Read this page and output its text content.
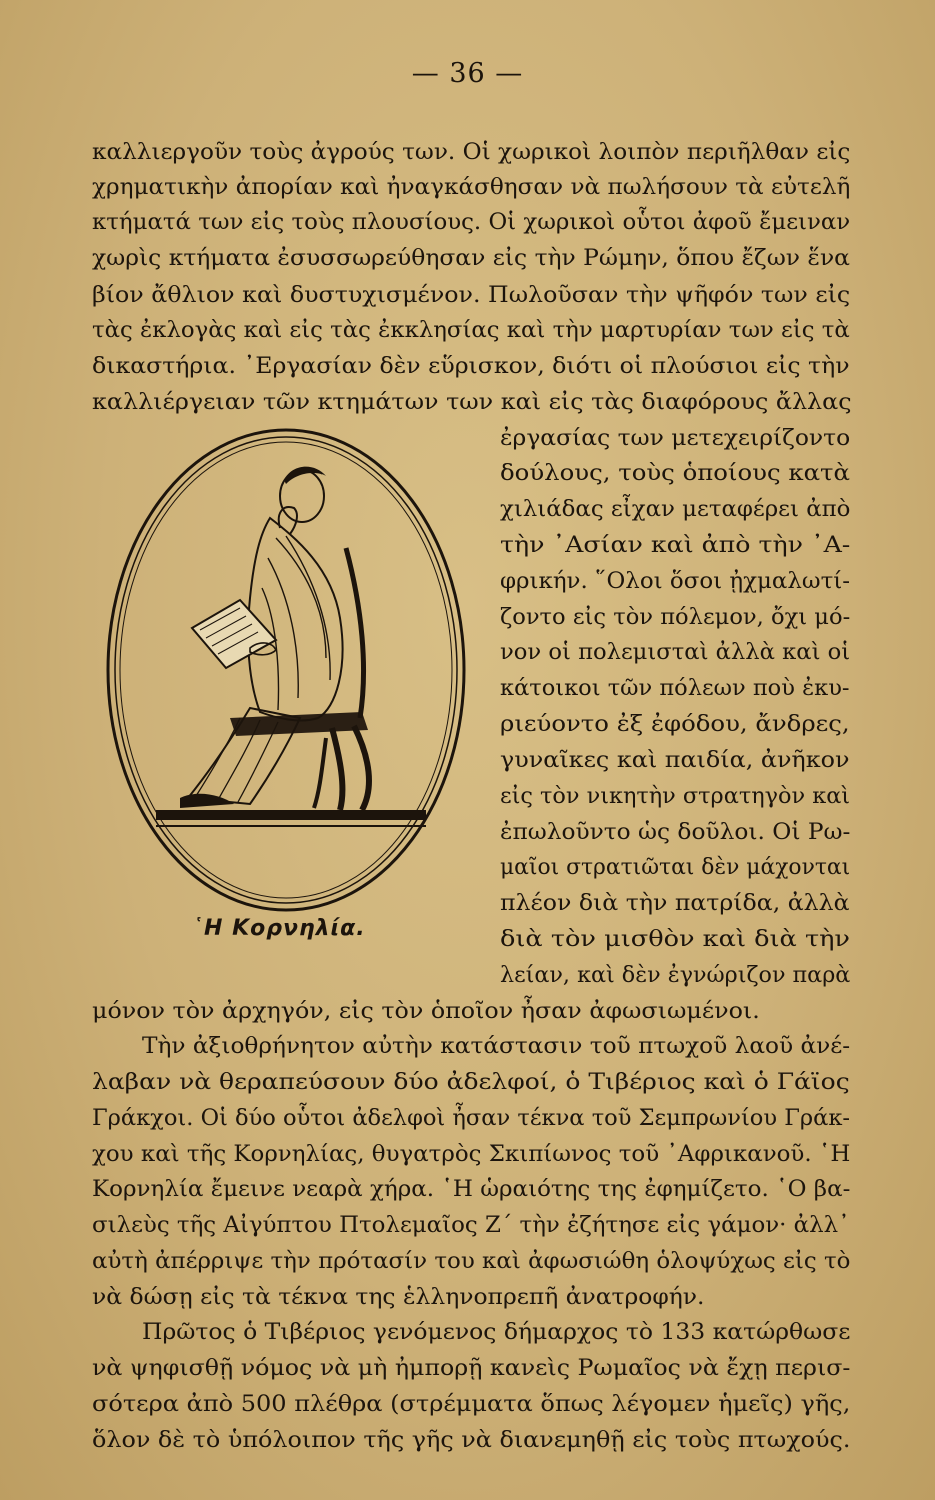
— 36 —
καλλιεργοῦν τοὺς ἀγρούς των. Οἱ χωρικοὶ λοιπὸν περιῆλθαν εἰς
χρηματικὴν ἀπορίαν καὶ ἠναγκάσθησαν νὰ πωλήσουν τὰ εὐτελῆ
κτήματά των εἰς τοὺς πλουσίους. Οἱ χωρικοὶ οὗτοι ἀφοῦ ἔμειναν
χωρὶς κτήματα ἐσυσσωρεύθησαν εἰς τὴν Ρώμην, ὅπου ἔζων ἕνα
βίον ἄθλιον καὶ δυστυχισμένον. Πωλοῦσαν τὴν ψῆφόν των εἰς
τὰς ἐκλογὰς καὶ εἰς τὰς ἐκκλησίας καὶ τὴν μαρτυρίαν των εἰς τὰ
δικαστήρια. ᾿Εργασίαν δὲν εὕρισκον, διότι οἱ πλούσιοι εἰς τὴν
καλλιέργειαν τῶν κτημάτων των καὶ εἰς τὰς διαφόρους ἄλλας
ἐργασίας των μετεχειρίζοντο
δούλους, τοὺς ὁποίους κατὰ
χιλιάδας εἶχαν μεταφέρει ἀπὸ
τὴν ᾿Ασίαν καὶ ἀπὸ τὴν ᾿Α-
φρικήν. ῞Ολοι ὅσοι ᾐχμαλωτί-
ζοντο εἰς τὸν πόλεμον, ὄχι μό-
νον οἱ πολεμισταὶ ἀλλὰ καὶ οἱ
κάτοικοι τῶν πόλεων ποὺ ἐκυ-
ριεύοντο ἐξ ἐφόδου, ἄνδρες,
γυναῖκες καὶ παιδία, ἀνῆκον
εἰς τὸν νικητὴν στρατηγὸν καὶ
ἐπωλοῦντο ὡς δοῦλοι. Οἱ Ρω-
μαῖοι στρατιῶται δὲν μάχονται
πλέον διὰ τὴν πατρίδα, ἀλλὰ
διὰ τὸν μισθὸν καὶ διὰ τὴν
λείαν, καὶ δὲν ἐγνώριζον παρὰ
μόνον τὸν ἀρχηγόν, εἰς τὸν ὁποῖον ἦσαν ἀφωσιωμένοι.
Τὴν ἀξιοθρήνητον αὐτὴν κατάστασιν τοῦ πτωχοῦ λαοῦ ἀνέ-
λαβαν νὰ θεραπεύσουν δύο ἀδελφοί, ὁ Τιβέριος καὶ ὁ Γάϊος
Γράκχοι. Οἱ δύο οὗτοι ἀδελφοὶ ἦσαν τέκνα τοῦ Σεμπρωνίου Γράκ-
χου καὶ τῆς Κορνηλίας, θυγατρὸς Σκιπίωνος τοῦ ᾿Αφρικανοῦ. ῾Η
Κορνηλία ἔμεινε νεαρὰ χήρα. ῾Η ὡραιότης της ἐφημίζετο. ῾Ο βα-
σιλεὺς τῆς Αἰγύπτου Πτολεμαῖος Ζ´ τὴν ἐζήτησε εἰς γάμον· ἀλλ᾿
αὐτὴ ἀπέρριψε τὴν πρότασίν του καὶ ἀφωσιώθη ὁλοψύχως εἰς τὸ
νὰ δώσῃ εἰς τὰ τέκνα της ἑλληνοπρεπῆ ἀνατροφήν.
Πρῶτος ὁ Τιβέριος γενόμενος δήμαρχος τὸ 133 κατώρθωσε
νὰ ψηφισθῇ νόμος νὰ μὴ ἠμπορῇ κανεὶς Ρωμαῖος νὰ ἔχῃ περισ-
σότερα ἀπὸ 500 πλέθρα (στρέμματα ὅπως λέγομεν ἡμεῖς) γῆς,
ὅλον δὲ τὸ ὑπόλοιπον τῆς γῆς νὰ διανεμηθῇ εἰς τοὺς πτωχούς.
῾Η Κορνηλία.
